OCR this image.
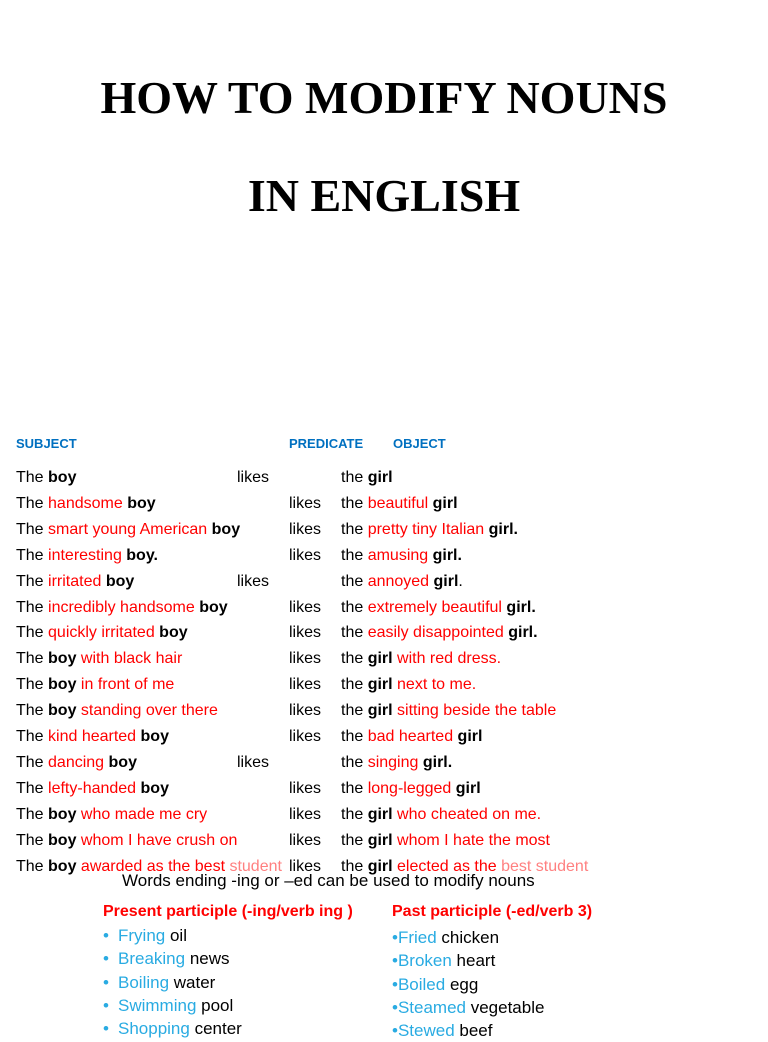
HOW TO MODIFY NOUNS
IN ENGLISH
SUBJECT	PREDICATE OBJECT
The boy	likes	the girl
The handsome boy	likes the beautiful girl
The smart young American boy	likes the pretty tiny Italian girl.
The interesting boy.	likes the amusing girl.
The irritated boy	likes	the annoyed girl.
The incredibly handsome boy	likes the extremely beautiful girl.
The quickly irritated boy	likes the easily disappointed girl.
The boy with black hair	likes the girl with red dress.
The boy in front of me	likes the girl next to me.
The boy standing over there	likes the girl sitting beside the table
The kind hearted boy	likes the bad hearted girl
The dancing boy	likes	the singing girl.
The lefty-handed boy	likes the long-legged girl
The boy who made me cry	likes the girl who cheated on me.
The boy whom I have crush on	likes the girl whom I hate the most
The boy awarded as the best student likes the girl elected as the best student
Words ending -ing or –ed can be used to modify nouns
Present participle (-ing/verb ing ) Past participle (-ed/verb 3)
• Frying oil
• Breaking news
• Boiling water
• Swimming pool
• Shopping center
•Fried chicken
•Broken heart
•Boiled egg
•Steamed vegetable
•Stewed beef
